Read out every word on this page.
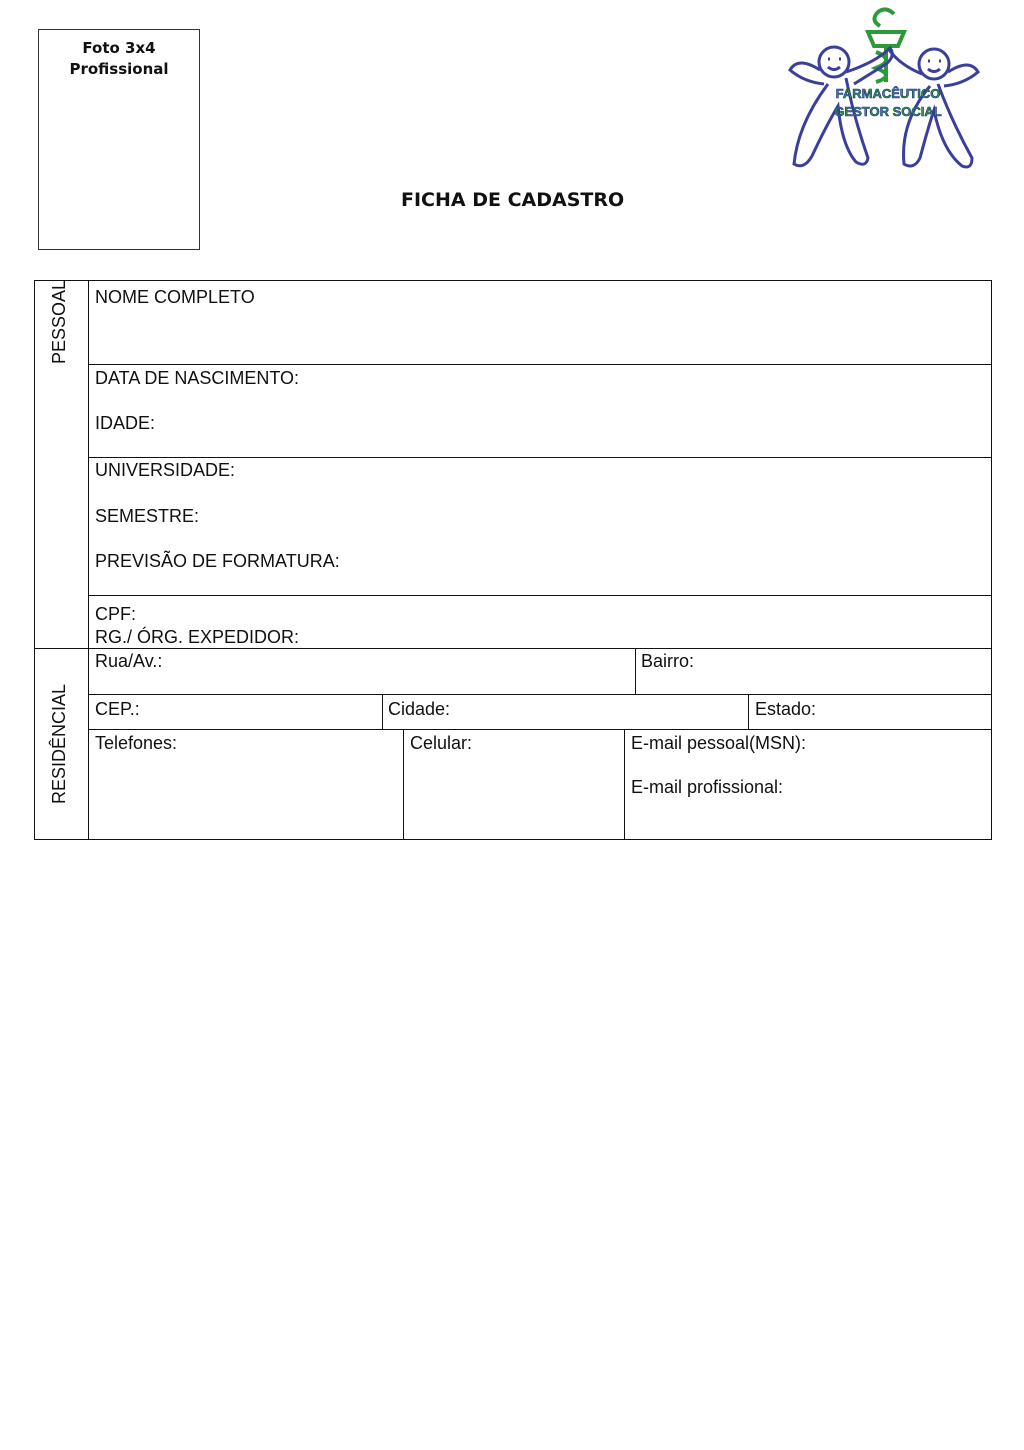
Foto 3x4
Profissional
FARMACÊUTICO
GESTOR SOCIAL
FICHA DE CADASTRO
PESSOAL
RESIDÊNCIAL
NOME COMPLETO
DATA DE NASCIMENTO:
IDADE:
UNIVERSIDADE:
SEMESTRE:
PREVISÃO DE FORMATURA:
CPF:
RG./ ÓRG. EXPEDIDOR:
Rua/Av.:	Bairro:
CEP.:	Cidade:	Estado:
Telefones:	Celular:	E-mail pessoal(MSN):
E-mail profissional:
